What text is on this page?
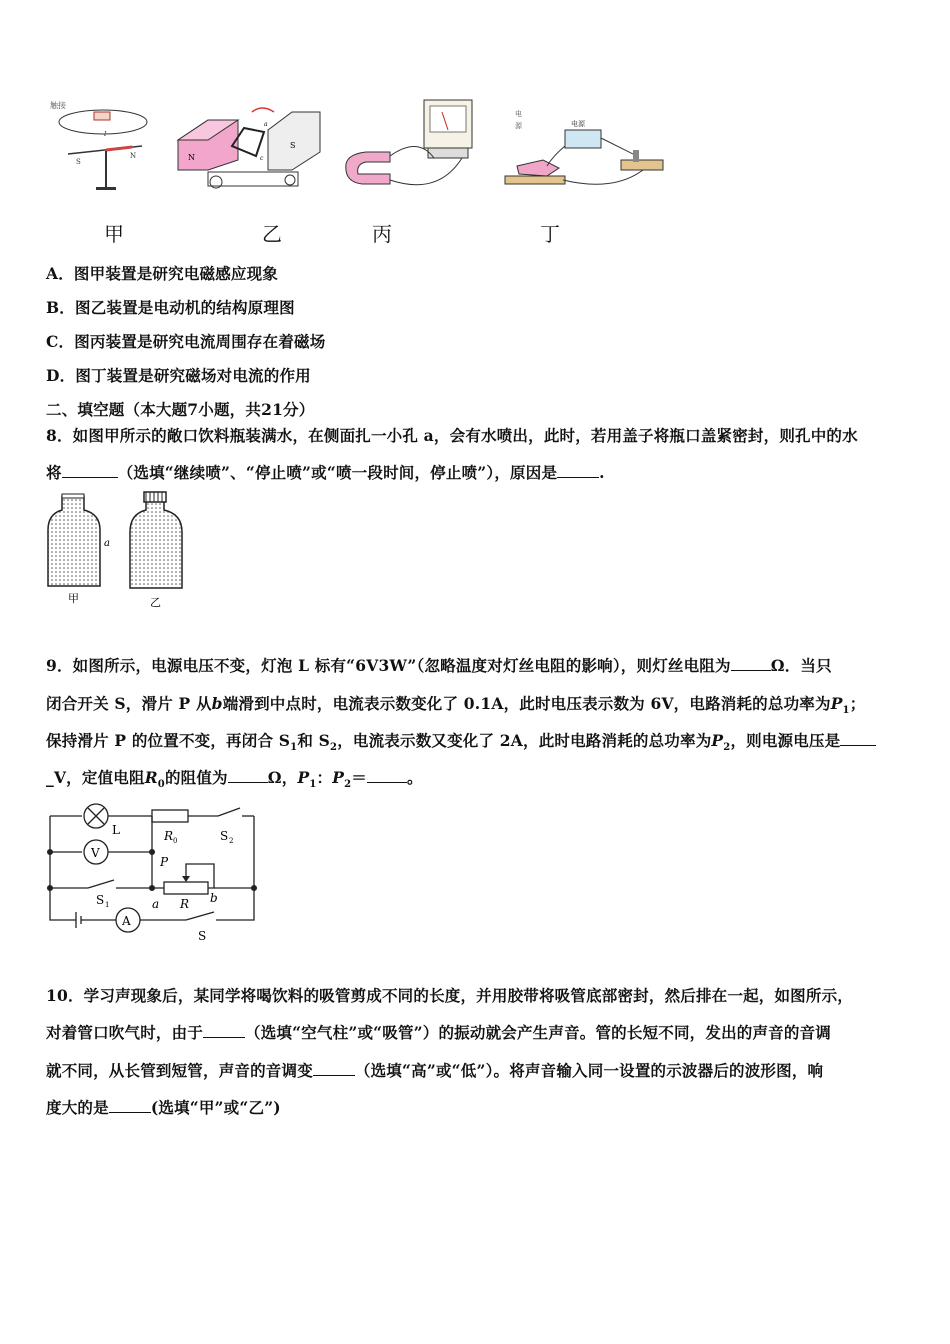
触接
S
N
I
N
S
a
c
电
源	电源
甲	乙	丙	丁
A．图甲装置是研究电磁感应现象
B．图乙装置是电动机的结构原理图
C．图丙装置是研究电流周围存在着磁场
D．图丁装置是研究磁场对电流的作用
二、填空题（本大题7小题，共21分）
8．如图甲所示的敞口饮料瓶装满水，在侧面扎一小孔 a，会有水喷出，此时，若用盖子将瓶口盖紧密封，则孔中的水
将	（选填“继续喷”、“停止喷”或“喷一段时间，停止喷”），原因是	.
a
甲	乙
9．如图所示，电源电压不变，灯泡 L 标有“6V3W”（忽略温度对灯丝电阻的影响），则灯丝电阻为	Ω．当只
闭合开关 S，滑片 P 从b端滑到中点时，电流表示数变化了 0.1A，此时电压表示数为 6V，电路消耗的总功率为$P_1$；
保持滑片 P 的位置不变，再闭合 $S_1$和 $S_2$，电流表示数又变化了 2A，此时电路消耗的总功率为$P_2$，则电源电压是
_V，定值电阻$R_0$的阻值为	Ω，$P_1$：$P_2=$	。
L
V
A
R 0	S 2
P
a R b
S 1
S
10．学习声现象后，某同学将喝饮料的吸管剪成不同的长度，并用胶带将吸管底部密封，然后排在一起，如图所示，
对着管口吹气时，由于	（选填“空气柱”或“吸管”）的振动就会产生声音。管的长短不同，发出的声音的音调
就不同，从长管到短管，声音的音调变	（选填“高”或“低”）。将声音输入同一设置的示波器后的波形图，响
度大的是	(选填“甲”或“乙”)
